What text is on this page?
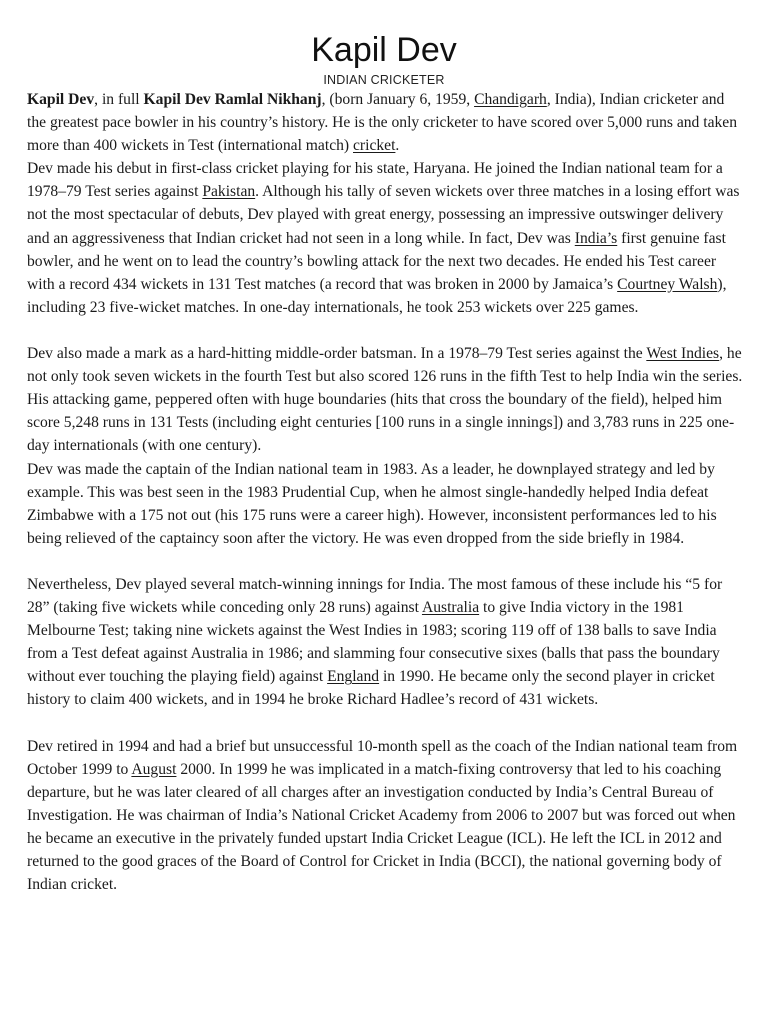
Kapil Dev
INDIAN CRICKETER

Kapil Dev, in full Kapil Dev Ramlal Nikhanj, (born January 6, 1959, Chandigarh, India), Indian cricketer and the greatest pace bowler in his country’s history. He is the only cricketer to have scored over 5,000 runs and taken more than 400 wickets in Test (international match) cricket.

Dev made his debut in first-class cricket playing for his state, Haryana. He joined the Indian national team for a 1978–79 Test series against Pakistan. Although his tally of seven wickets over three matches in a losing effort was not the most spectacular of debuts, Dev played with great energy, possessing an impressive outswinger delivery and an aggressiveness that Indian cricket had not seen in a long while. In fact, Dev was India’s first genuine fast bowler, and he went on to lead the country’s bowling attack for the next two decades. He ended his Test career with a record 434 wickets in 131 Test matches (a record that was broken in 2000 by Jamaica’s Courtney Walsh), including 23 five-wicket matches. In one-day internationals, he took 253 wickets over 225 games.

Dev also made a mark as a hard-hitting middle-order batsman. In a 1978–79 Test series against the West Indies, he not only took seven wickets in the fourth Test but also scored 126 runs in the fifth Test to help India win the series. His attacking game, peppered often with huge boundaries (hits that cross the boundary of the field), helped him score 5,248 runs in 131 Tests (including eight centuries [100 runs in a single innings]) and 3,783 runs in 225 one-day internationals (with one century).

Dev was made the captain of the Indian national team in 1983. As a leader, he downplayed strategy and led by example. This was best seen in the 1983 Prudential Cup, when he almost single-handedly helped India defeat Zimbabwe with a 175 not out (his 175 runs were a career high). However, inconsistent performances led to his being relieved of the captaincy soon after the victory. He was even dropped from the side briefly in 1984.

Nevertheless, Dev played several match-winning innings for India. The most famous of these include his “5 for 28” (taking five wickets while conceding only 28 runs) against Australia to give India victory in the 1981 Melbourne Test; taking nine wickets against the West Indies in 1983; scoring 119 off of 138 balls to save India from a Test defeat against Australia in 1986; and slamming four consecutive sixes (balls that pass the boundary without ever touching the playing field) against England in 1990. He became only the second player in cricket history to claim 400 wickets, and in 1994 he broke Richard Hadlee’s record of 431 wickets.

Dev retired in 1994 and had a brief but unsuccessful 10-month spell as the coach of the Indian national team from October 1999 to August 2000. In 1999 he was implicated in a match-fixing controversy that led to his coaching departure, but he was later cleared of all charges after an investigation conducted by India’s Central Bureau of Investigation. He was chairman of India’s National Cricket Academy from 2006 to 2007 but was forced out when he became an executive in the privately funded upstart India Cricket League (ICL). He left the ICL in 2012 and returned to the good graces of the Board of Control for Cricket in India (BCCI), the national governing body of Indian cricket.
